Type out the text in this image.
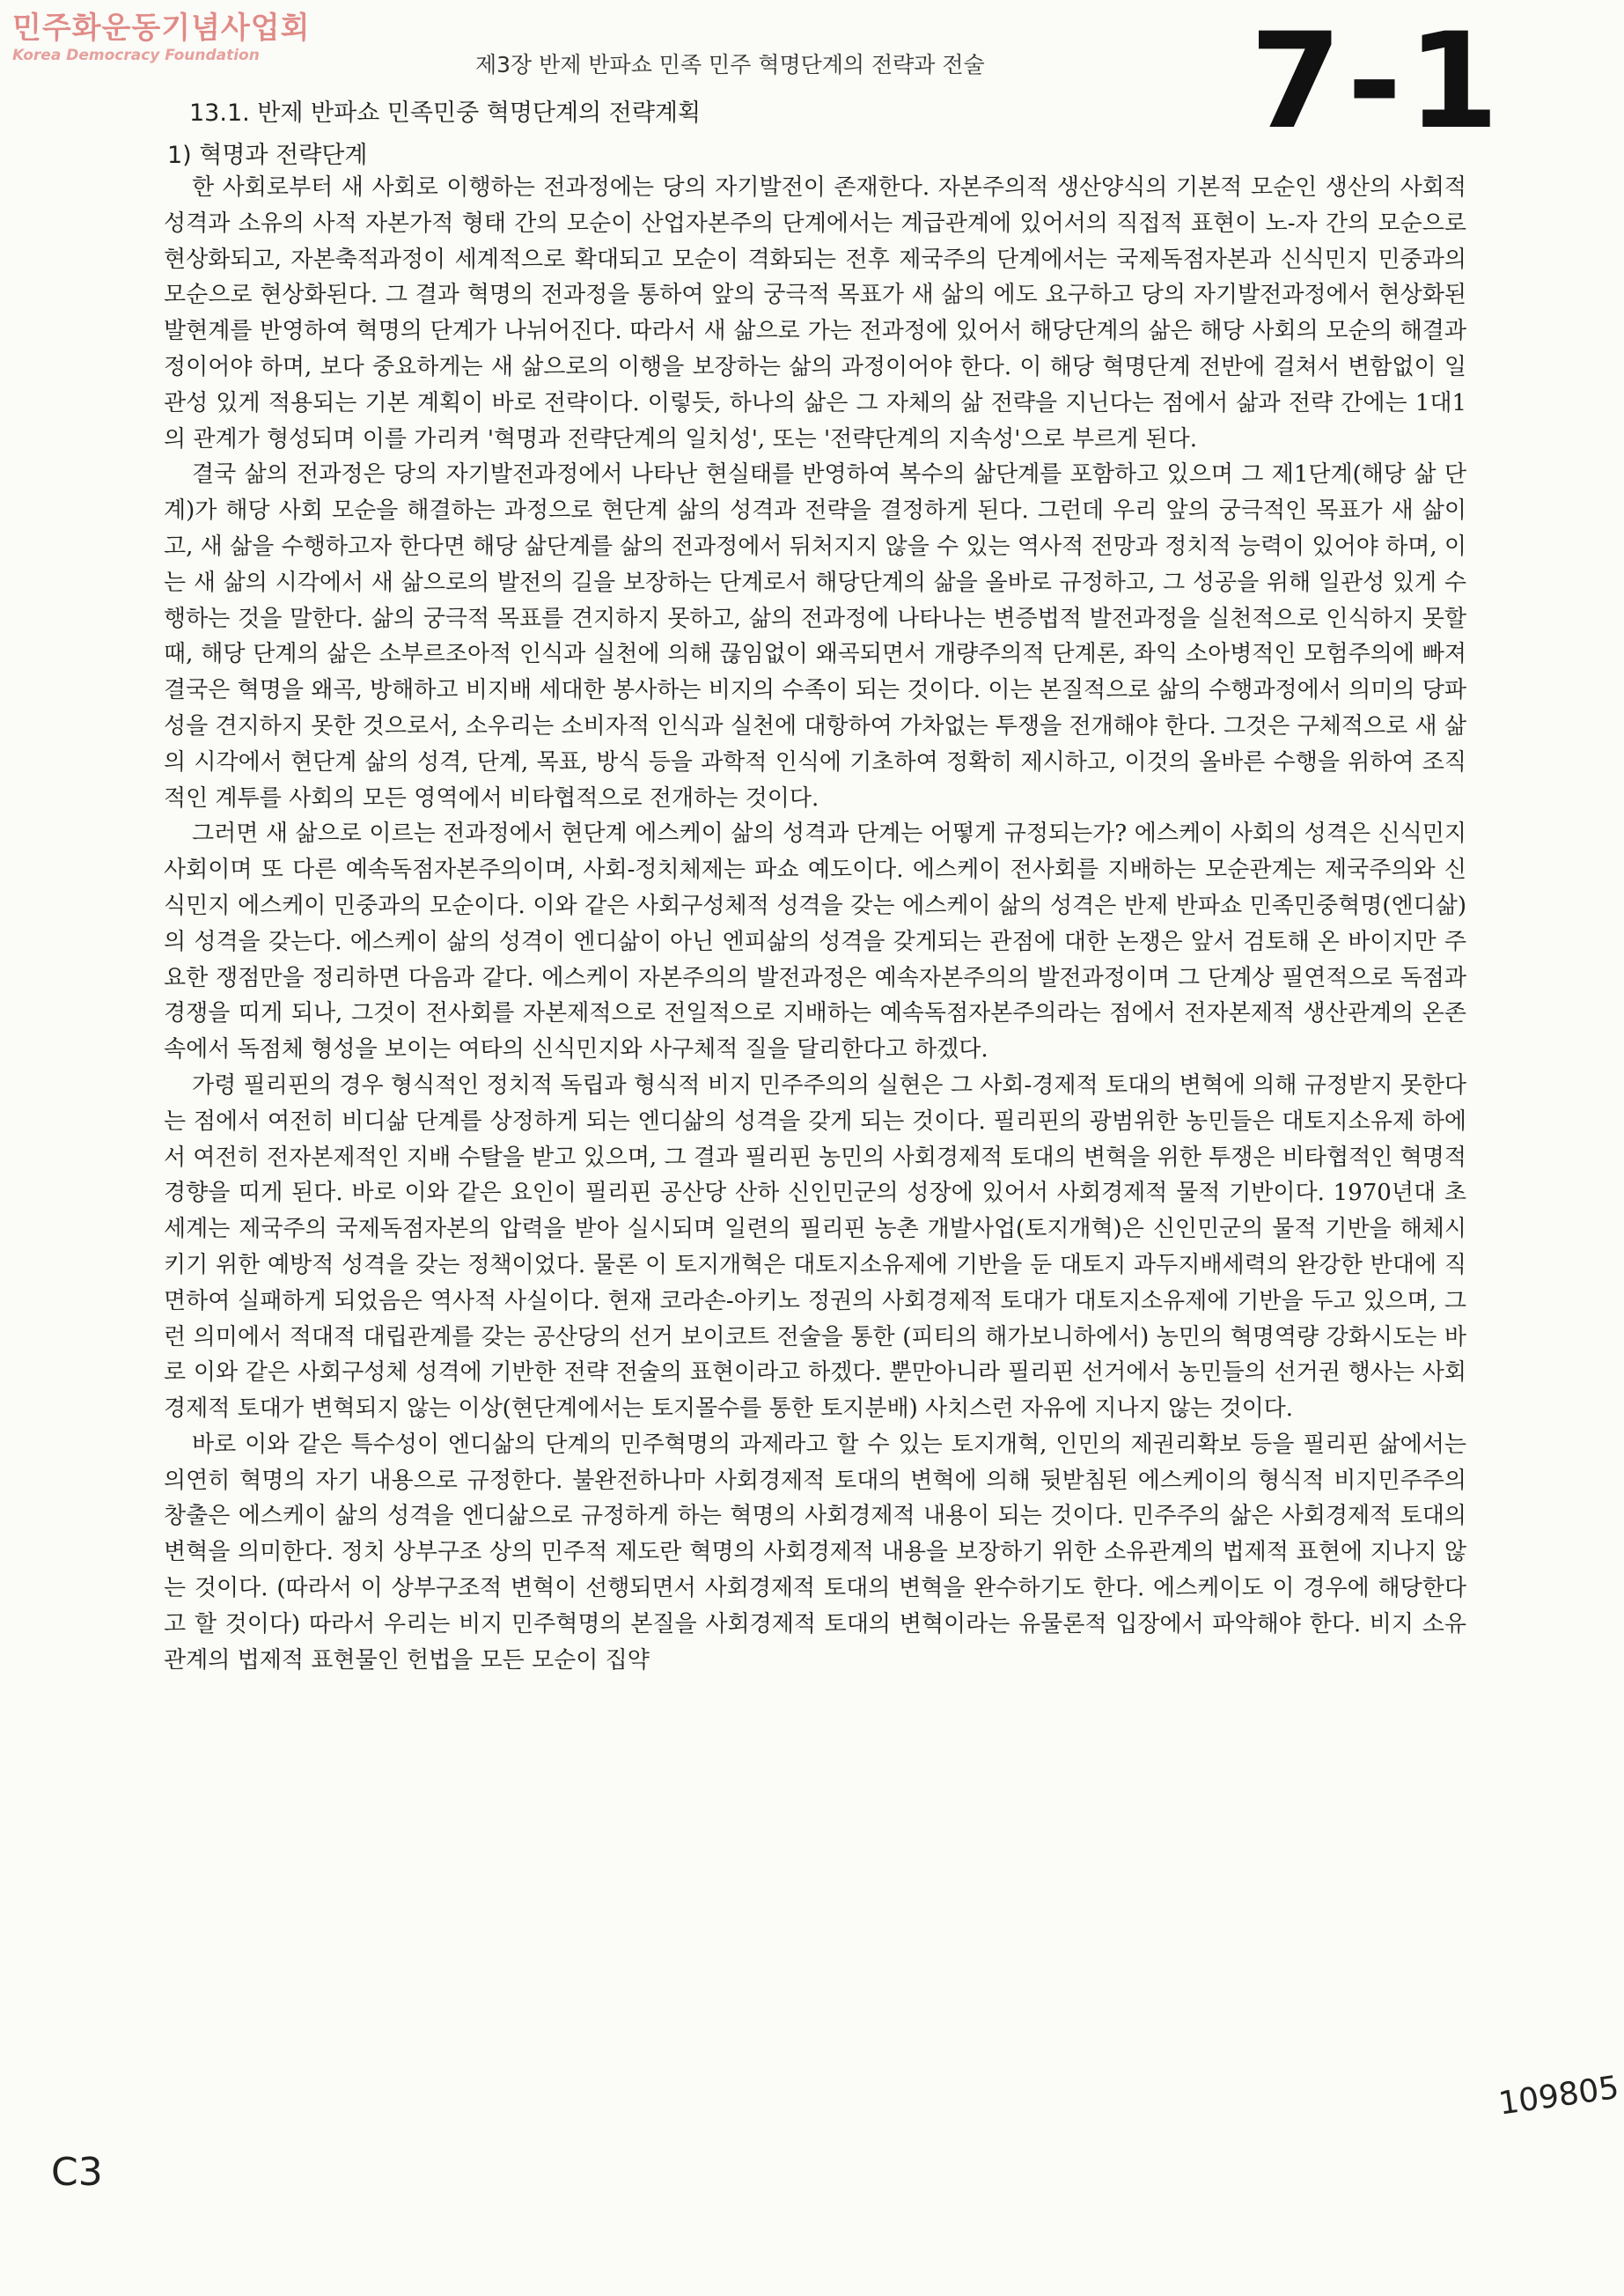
민주화운동기념사업회
Korea Democracy Foundation	7-1
제3장 반제 반파쇼 민족 민주 혁명단계의 전략과 전술
13.1. 반제 반파쇼 민족민중 혁명단계의 전략계획
1) 혁명과 전략단계

한 사회로부터 새 사회로 이행하는 전과정에는 당의 자기발전이 존재한다. 자본주의적 생산양식의 기본적 모순인 생산의 사회적 성격과 소유의 사적 자본가적 형태 간의 모순이 산업자본주의 단계에서는 계급관계에 있어서의 직접적 표현이 노-자 간의 모순으로 현상화되고, 자본축적과정이 세계적으로 확대되고 모순이 격화되는 전후 제국주의 단계에서는 국제독점자본과 신식민지 민중과의 모순으로 현상화된다. 그 결과 혁명의 전과정을 통하여 앞의 궁극적 목표가 새 삶의 에도 요구하고 당의 자기발전과정에서 현상화된 발현계를 반영하여 혁명의 단계가 나뉘어진다. 따라서 새 삶으로 가는 전과정에 있어서 해당단계의 삶은 해당 사회의 모순의 해결과정이어야 하며, 보다 중요하게는 새 삶으로의 이행을 보장하는 삶의 과정이어야 한다. 이 해당 혁명단계 전반에 걸쳐서 변함없이 일관성 있게 적용되는 기본 계획이 바로 전략이다. 이렇듯, 하나의 삶은 그 자체의 삶 전략을 지닌다는 점에서 삶과 전략 간에는 1대1의 관계가 형성되며 이를 가리켜 '혁명과 전략단계의 일치성', 또는 '전략단계의 지속성'으로 부르게 된다.

결국 삶의 전과정은 당의 자기발전과정에서 나타난 현실태를 반영하여 복수의 삶단계를 포함하고 있으며 그 제1단계(해당 삶 단계)가 해당 사회 모순을 해결하는 과정으로 현단계 삶의 성격과 전략을 결정하게 된다. 그런데 우리 앞의 궁극적인 목표가 새 삶이고, 새 삶을 수행하고자 한다면 해당 삶단계를 삶의 전과정에서 뒤처지지 않을 수 있는 역사적 전망과 정치적 능력이 있어야 하며, 이는 새 삶의 시각에서 새 삶으로의 발전의 길을 보장하는 단계로서 해당단계의 삶을 올바로 규정하고, 그 성공을 위해 일관성 있게 수행하는 것을 말한다. 삶의 궁극적 목표를 견지하지 못하고, 삶의 전과정에 나타나는 변증법적 발전과정을 실천적으로 인식하지 못할 때, 해당 단계의 삶은 소부르조아적 인식과 실천에 의해 끊임없이 왜곡되면서 개량주의적 단계론, 좌익 소아병적인 모험주의에 빠져 결국은 혁명을 왜곡, 방해하고 비지배 세대한 봉사하는 비지의 수족이 되는 것이다. 이는 본질적으로 삶의 수행과정에서 의미의 당파성을 견지하지 못한 것으로서, 소우리는 소비자적 인식과 실천에 대항하여 가차없는 투쟁을 전개해야 한다. 그것은 구체적으로 새 삶의 시각에서 현단계 삶의 성격, 단계, 목표, 방식 등을 과학적 인식에 기초하여 정확히 제시하고, 이것의 올바른 수행을 위하여 조직적인 계투를 사회의 모든 영역에서 비타협적으로 전개하는 것이다.

그러면 새 삶으로 이르는 전과정에서 현단계 에스케이 삶의 성격과 단계는 어떻게 규정되는가? 에스케이 사회의 성격은 신식민지 사회이며 또 다른 예속독점자본주의이며, 사회-정치체제는 파쇼 예도이다. 에스케이 전사회를 지배하는 모순관계는 제국주의와 신식민지 에스케이 민중과의 모순이다. 이와 같은 사회구성체적 성격을 갖는 에스케이 삶의 성격은 반제 반파쇼 민족민중혁명(엔디삶)의 성격을 갖는다. 에스케이 삶의 성격이 엔디삶이 아닌 엔피삶의 성격을 갖게되는 관점에 대한 논쟁은 앞서 검토해 온 바이지만 주요한 쟁점만을 정리하면 다음과 같다. 에스케이 자본주의의 발전과정은 예속자본주의의 발전과정이며 그 단계상 필연적으로 독점과 경쟁을 띠게 되나, 그것이 전사회를 자본제적으로 전일적으로 지배하는 예속독점자본주의라는 점에서 전자본제적 생산관계의 온존 속에서 독점체 형성을 보이는 여타의 신식민지와 사구체적 질을 달리한다고 하겠다.

가령 필리핀의 경우 형식적인 정치적 독립과 형식적 비지 민주주의의 실현은 그 사회-경제적 토대의 변혁에 의해 규정받지 못한다는 점에서 여전히 비디삶 단계를 상정하게 되는 엔디삶의 성격을 갖게 되는 것이다. 필리핀의 광범위한 농민들은 대토지소유제 하에서 여전히 전자본제적인 지배 수탈을 받고 있으며, 그 결과 필리핀 농민의 사회경제적 토대의 변혁을 위한 투쟁은 비타협적인 혁명적 경향을 띠게 된다. 바로 이와 같은 요인이 필리핀 공산당 산하 신인민군의 성장에 있어서 사회경제적 물적 기반이다. 1970년대 초 세계는 제국주의 국제독점자본의 압력을 받아 실시되며 일련의 필리핀 농촌 개발사업(토지개혁)은 신인민군의 물적 기반을 해체시키기 위한 예방적 성격을 갖는 정책이었다. 물론 이 토지개혁은 대토지소유제에 기반을 둔 대토지 과두지배세력의 완강한 반대에 직면하여 실패하게 되었음은 역사적 사실이다. 현재 코라손-아키노 정권의 사회경제적 토대가 대토지소유제에 기반을 두고 있으며, 그런 의미에서 적대적 대립관계를 갖는 공산당의 선거 보이코트 전술을 통한 (피티의 해가보니하에서) 농민의 혁명역량 강화시도는 바로 이와 같은 사회구성체 성격에 기반한 전략 전술의 표현이라고 하겠다. 뿐만아니라 필리핀 선거에서 농민들의 선거권 행사는 사회경제적 토대가 변혁되지 않는 이상(현단계에서는 토지몰수를 통한 토지분배) 사치스런 자유에 지나지 않는 것이다.

바로 이와 같은 특수성이 엔디삶의 단계의 민주혁명의 과제라고 할 수 있는 토지개혁, 인민의 제권리확보 등을 필리핀 삶에서는 의연히 혁명의 자기 내용으로 규정한다. 불완전하나마 사회경제적 토대의 변혁에 의해 뒷받침된 에스케이의 형식적 비지민주주의 창출은 에스케이 삶의 성격을 엔디삶으로 규정하게 하는 혁명의 사회경제적 내용이 되는 것이다. 민주주의 삶은 사회경제적 토대의 변혁을 의미한다. 정치 상부구조 상의 민주적 제도란 혁명의 사회경제적 내용을 보장하기 위한 소유관계의 법제적 표현에 지나지 않는 것이다. (따라서 이 상부구조적 변혁이 선행되면서 사회경제적 토대의 변혁을 완수하기도 한다. 에스케이도 이 경우에 해당한다고 할 것이다) 따라서 우리는 비지 민주혁명의 본질을 사회경제적 토대의 변혁이라는 유물론적 입장에서 파악해야 한다. 비지 소유관계의 법제적 표현물인 헌법을 모든 모순이 집약

109805
C3
